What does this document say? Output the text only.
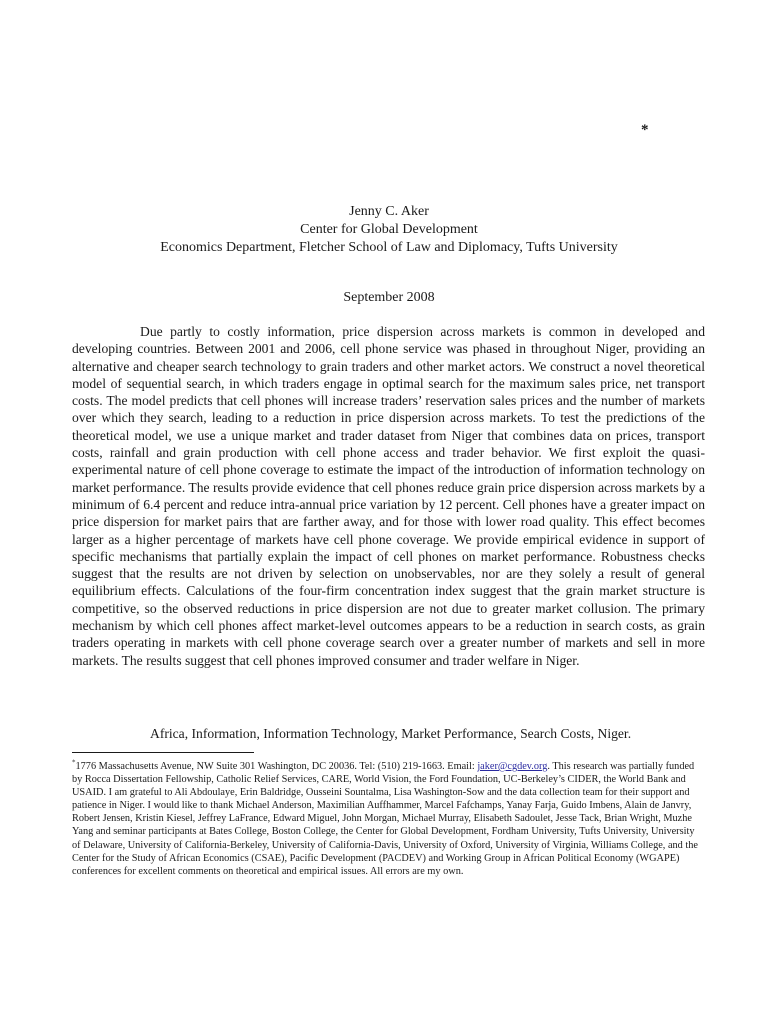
*
Jenny C. Aker
Center for Global Development
Economics Department, Fletcher School of Law and Diplomacy, Tufts University
September 2008

Due partly to costly information, price dispersion across markets is common in developed and developing countries. Between 2001 and 2006, cell phone service was phased in throughout Niger, providing an alternative and cheaper search technology to grain traders and other market actors. We construct a novel theoretical model of sequential search, in which traders engage in optimal search for the maximum sales price, net transport costs. The model predicts that cell phones will increase traders’ reservation sales prices and the number of markets over which they search, leading to a reduction in price dispersion across markets. To test the predictions of the theoretical model, we use a unique market and trader dataset from Niger that combines data on prices, transport costs, rainfall and grain production with cell phone access and trader behavior. We first exploit the quasi-experimental nature of cell phone coverage to estimate the impact of the introduction of information technology on market performance. The results provide evidence that cell phones reduce grain price dispersion across markets by a minimum of 6.4 percent and reduce intra-annual price variation by 12 percent. Cell phones have a greater impact on price dispersion for market pairs that are farther away, and for those with lower road quality. This effect becomes larger as a higher percentage of markets have cell phone coverage. We provide empirical evidence in support of specific mechanisms that partially explain the impact of cell phones on market performance. Robustness checks suggest that the results are not driven by selection on unobservables, nor are they solely a result of general equilibrium effects. Calculations of the four-firm concentration index suggest that the grain market structure is competitive, so the observed reductions in price dispersion are not due to greater market collusion. The primary mechanism by which cell phones affect market-level outcomes appears to be a reduction in search costs, as grain traders operating in markets with cell phone coverage search over a greater number of markets and sell in more markets. The results suggest that cell phones improved consumer and trader welfare in Niger.

Africa, Information, Information Technology, Market Performance, Search Costs, Niger.

*1776 Massachusetts Avenue, NW Suite 301 Washington, DC 20036. Tel: (510) 219-1663. Email: jaker@cgdev.org. This research was partially funded by Rocca Dissertation Fellowship, Catholic Relief Services, CARE, World Vision, the Ford Foundation, UC-Berkeley’s CIDER, the World Bank and USAID. I am grateful to Ali Abdoulaye, Erin Baldridge, Ousseini Sountalma, Lisa Washington-Sow and the data collection team for their support and patience in Niger. I would like to thank Michael Anderson, Maximilian Auffhammer, Marcel Fafchamps, Yanay Farja, Guido Imbens, Alain de Janvry, Robert Jensen, Kristin Kiesel, Jeffrey LaFrance, Edward Miguel, John Morgan, Michael Murray, Elisabeth Sadoulet, Jesse Tack, Brian Wright, Muzhe Yang and seminar participants at Bates College, Boston College, the Center for Global Development, Fordham University, Tufts University, University of Delaware, University of California-Berkeley, University of California-Davis, University of Oxford, University of Virginia, Williams College, and the Center for the Study of African Economics (CSAE), Pacific Development (PACDEV) and Working Group in African Political Economy (WGAPE) conferences for excellent comments on theoretical and empirical issues. All errors are my own.
